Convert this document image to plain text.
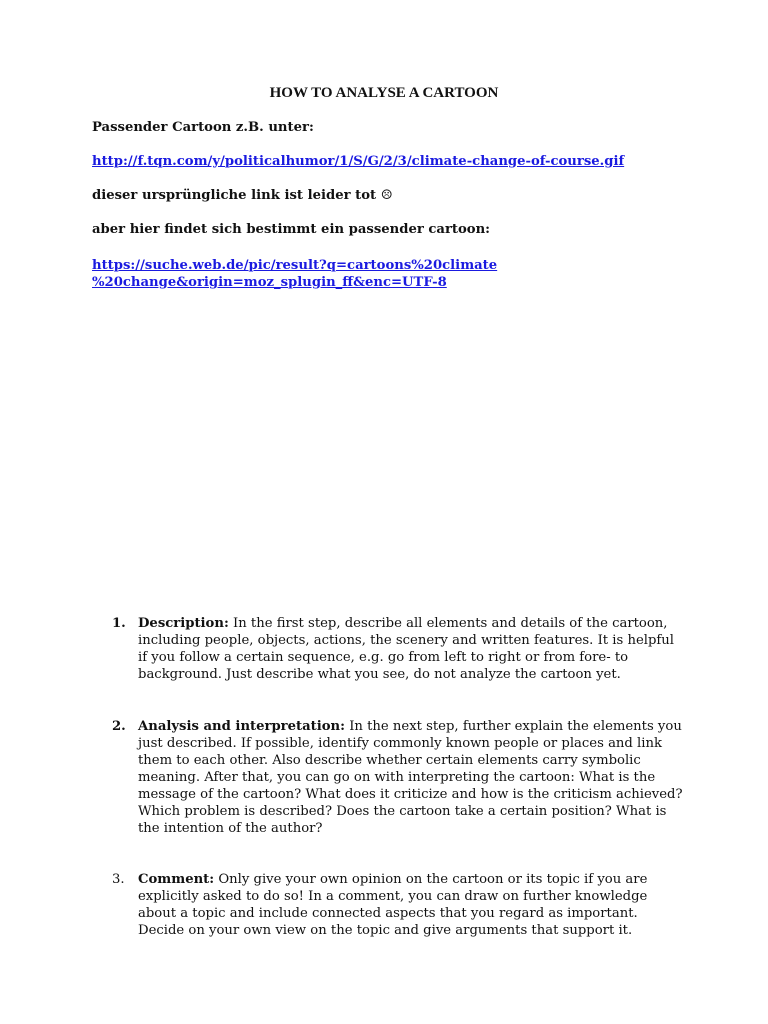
HOW TO ANALYSE A CARTOON
Passender Cartoon z.B. unter:
http://f.tqn.com/y/politicalhumor/1/S/G/2/3/climate-change-of-course.gif
dieser ursprüngliche link ist leider tot ☹
aber hier findet sich bestimmt ein passender cartoon:
https://suche.web.de/pic/result?q=cartoons%20climate
%20change&origin=moz_splugin_ff&enc=UTF-8
1. Description: In the first step, describe all elements and details of the cartoon, including people, objects, actions, the scenery and written features. It is helpful if you follow a certain sequence, e.g. go from left to right or from fore- to background. Just describe what you see, do not analyze the cartoon yet.
2. Analysis and interpretation: In the next step, further explain the elements you just described. If possible, identify commonly known people or places and link them to each other. Also describe whether certain elements carry symbolic meaning. After that, you can go on with interpreting the cartoon: What is the message of the cartoon? What does it criticize and how is the criticism achieved? Which problem is described? Does the cartoon take a certain position? What is the intention of the author?
3.	Comment: Only give your own opinion on the cartoon or its topic if you are explicitly asked to do so! In a comment, you can draw on further knowledge about a topic and include connected aspects that you regard as important. Decide on your own view on the topic and give arguments that support it.
